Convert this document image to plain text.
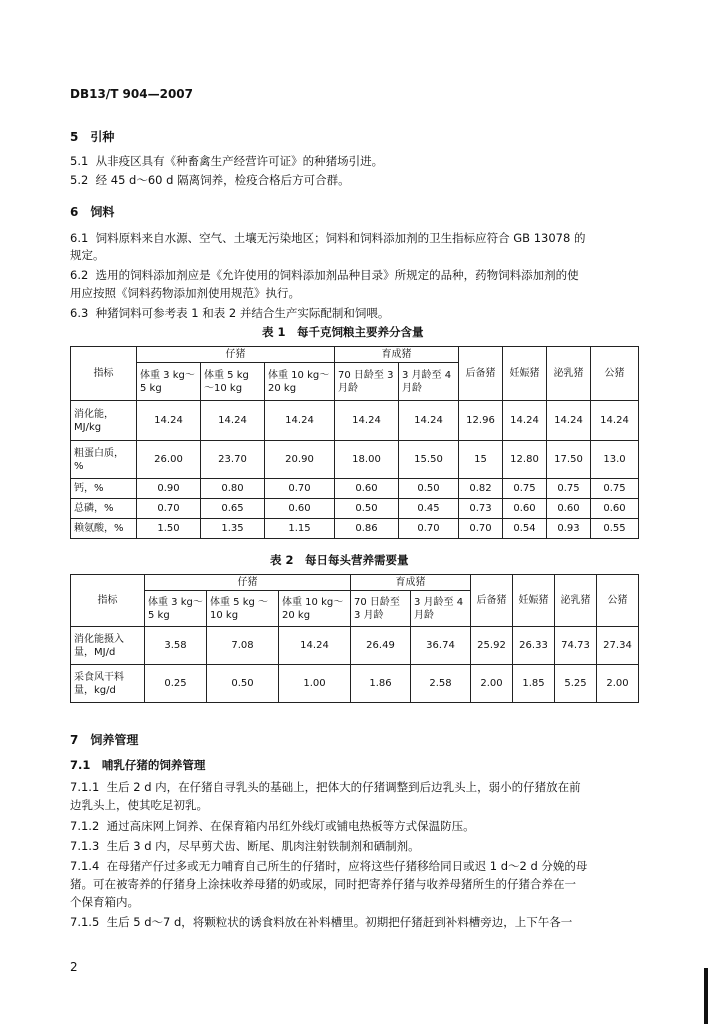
DB13/T 904—2007
5　引种
5.1 从非疫区具有《种畜禽生产经营许可证》的种猪场引进。
5.2 经 45 d～60 d 隔离饲养，检疫合格后方可合群。
6　饲料
6.1 饲料原料来自水源、空气、土壤无污染地区；饲料和饲料添加剂的卫生指标应符合 GB 13078 的
规定。
6.2 选用的饲料添加剂应是《允许使用的饲料添加剂品种目录》所规定的品种，药物饲料添加剂的使
用应按照《饲料药物添加剂使用规范》执行。
6.3 种猪饲料可参考表 1 和表 2 并结合生产实际配制和饲喂。
表 1　每千克饲粮主要养分含量
指标	仔猪			育成猪		后备猪	妊娠猪	泌乳猪	公猪
	体重 3 kg～5 kg	体重 5 kg ～10 kg	体重 10 kg～20 kg	70 日龄至 3 月龄	3 月龄至 4 月龄				
消化能，MJ/kg	14.24	14.24	14.24	14.24	14.24	12.96	14.24	14.24	14.24
粗蛋白质，%	26.00	23.70	20.90	18.00	15.50	15	12.80	17.50	13.0
钙，%	0.90	0.80	0.70	0.60	0.50	0.82	0.75	0.75	0.75
总磷，%	0.70	0.65	0.60	0.50	0.45	0.73	0.60	0.60	0.60
赖氨酸，%	1.50	1.35	1.15	0.86	0.70	0.70	0.54	0.93	0.55
表 2　每日每头营养需要量
指标	仔猪			育成猪		后备猪	妊娠猪	泌乳猪	公猪
	体重 3 kg～5 kg	体重 5 kg ～10 kg	体重 10 kg～20 kg	70 日龄至 3 月龄	3 月龄至 4 月龄				
消化能摄入量，MJ/d	3.58	7.08	14.24	26.49	36.74	25.92	26.33	74.73	27.34
采食风干料量，kg/d	0.25	0.50	1.00	1.86	2.58	2.00	1.85	5.25	2.00
7　饲养管理
7.1　哺乳仔猪的饲养管理
7.1.1 生后 2 d 内，在仔猪自寻乳头的基础上，把体大的仔猪调整到后边乳头上，弱小的仔猪放在前
边乳头上，使其吃足初乳。
7.1.2 通过高床网上饲养、在保育箱内吊红外线灯或铺电热板等方式保温防压。
7.1.3 生后 3 d 内，尽早剪犬齿、断尾、肌肉注射铁制剂和硒制剂。
7.1.4 在母猪产仔过多或无力哺育自己所生的仔猪时，应将这些仔猪移给同日或迟 1 d～2 d 分娩的母
猪。可在被寄养的仔猪身上涂抹收养母猪的奶或尿，同时把寄养仔猪与收养母猪所生的仔猪合养在一
个保育箱内。
7.1.5 生后 5 d～7 d，将颗粒状的诱食料放在补料槽里。初期把仔猪赶到补料槽旁边，上下午各一
2
